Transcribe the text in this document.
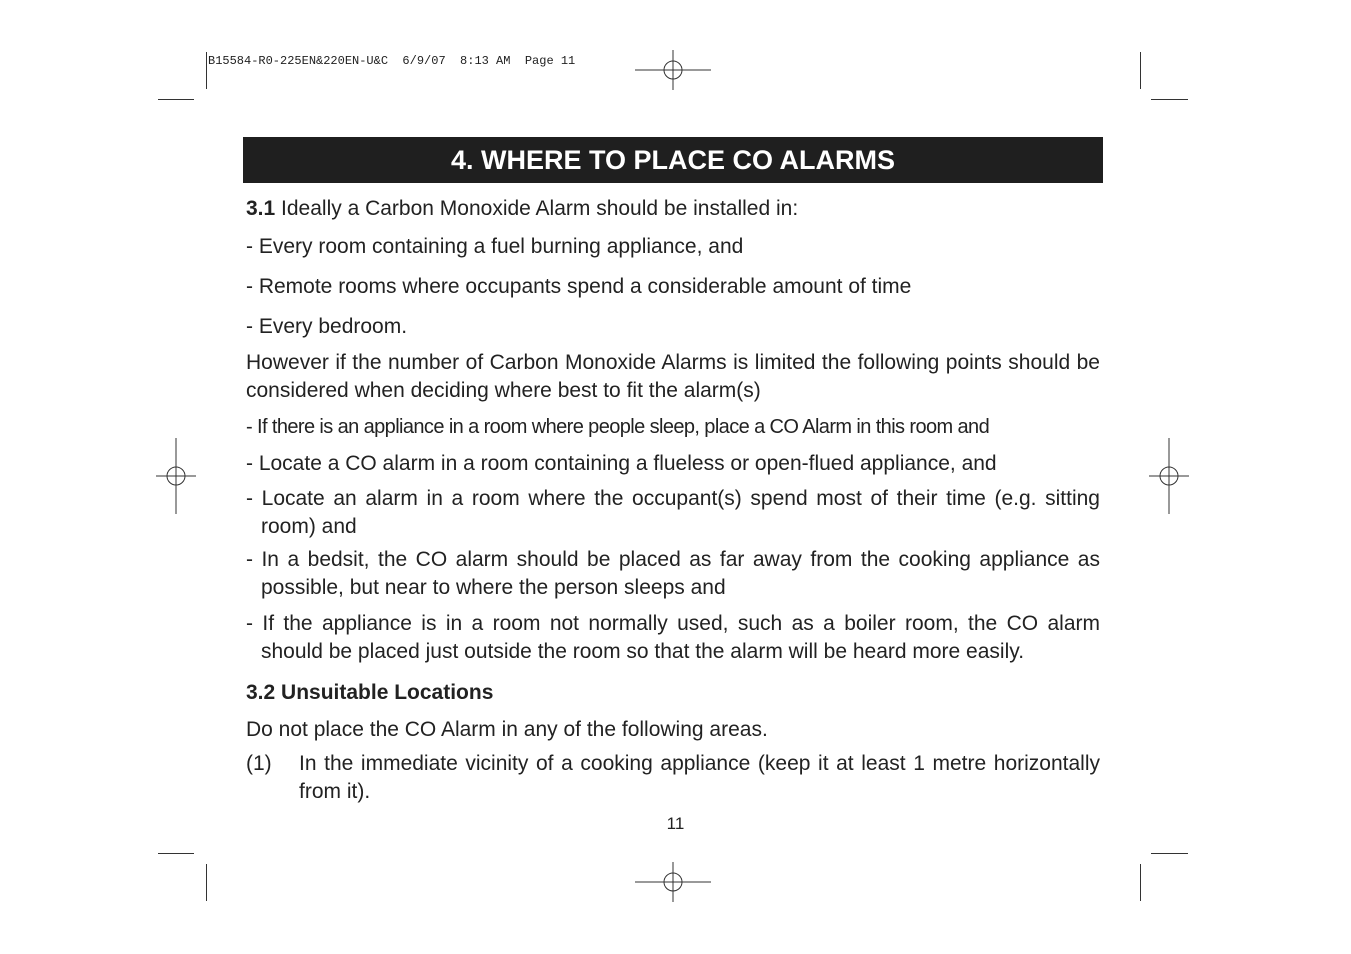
B15584-R0-225EN&220EN-U&C  6/9/07  8:13 AM  Page 11
4. WHERE TO PLACE CO ALARMS

3.1 Ideally a Carbon Monoxide Alarm should be installed in:

- Every room containing a fuel burning appliance, and

- Remote rooms where occupants spend a considerable amount of time

- Every bedroom.

However if the number of Carbon Monoxide Alarms is limited the following points should be considered when deciding where best to fit the alarm(s)

- If there is an appliance in a room where people sleep, place a CO Alarm in this room and

- Locate a CO alarm in a room containing a flueless or open-flued appliance, and

- Locate an alarm in a room where the occupant(s) spend most of their time (e.g. sitting room) and

- In a bedsit, the CO alarm should be placed as far away from the cooking appliance as possible, but near to where the person sleeps and

- If the appliance is in a room not normally used, such as a boiler room, the CO alarm should be placed just outside the room so that the alarm will be heard more easily.

3.2 Unsuitable Locations

Do not place the CO Alarm in any of the following areas.

(1) In the immediate vicinity of a cooking appliance (keep it at least 1 metre horizontally from it).
11
